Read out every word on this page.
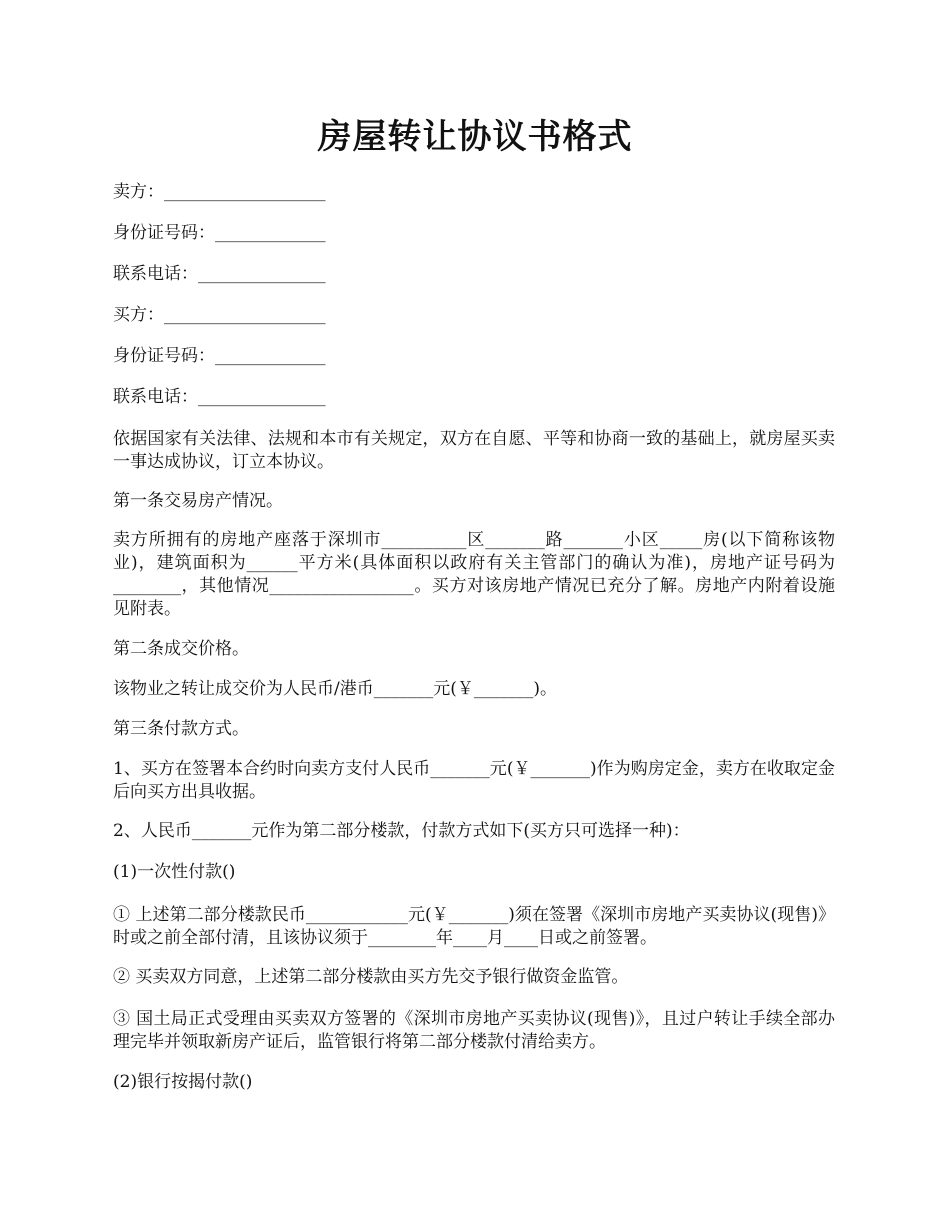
房屋转让协议书格式
卖方：___________________
身份证号码：_____________
联系电话：_______________
买方：___________________
身份证号码：_____________
联系电话：_______________
依据国家有关法律、法规和本市有关规定，双方在自愿、平等和协商一致的基础上，就房屋买卖一事达成协议，订立本协议。
第一条交易房产情况。
卖方所拥有的房地产座落于深圳市__________区_______路_______小区_____房(以下简称该物业)，建筑面积为______平方米(具体面积以政府有关主管部门的确认为准)，房地产证号码为________，其他情况_________________。买方对该房地产情况已充分了解。房地产内附着设施见附表。
第二条成交价格。
该物业之转让成交价为人民币/港币_______元(￥_______)。
第三条付款方式。
1、买方在签署本合约时向卖方支付人民币_______元(￥_______)作为购房定金，卖方在收取定金后向买方出具收据。
2、人民币_______元作为第二部分楼款，付款方式如下(买方只可选择一种)：
(1)一次性付款()
① 上述第二部分楼款民币____________元(￥_______)须在签署《深圳市房地产买卖协议(现售)》时或之前全部付清，且该协议须于________年____月____日或之前签署。
② 买卖双方同意，上述第二部分楼款由买方先交予银行做资金监管。
③ 国土局正式受理由买卖双方签署的《深圳市房地产买卖协议(现售)》，且过户转让手续全部办理完毕并领取新房产证后，监管银行将第二部分楼款付清给卖方。
(2)银行按揭付款()
